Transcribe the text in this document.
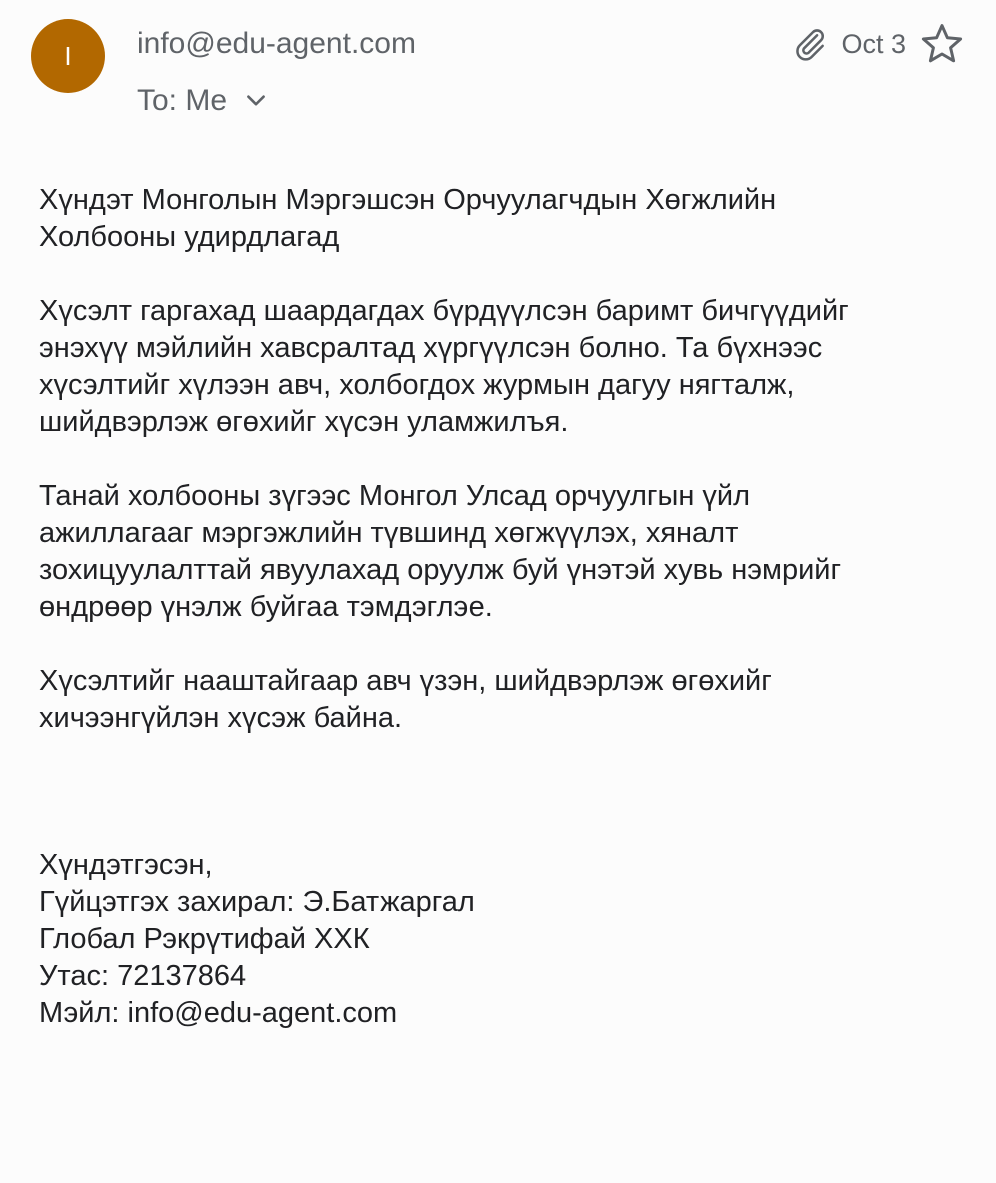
I info@edu-agent.com
To: Me
Oct 3

Хүндэт Монголын Мэргэшсэн Орчуулагчдын Хөгжлийн
Холбооны удирдлагад

Хүсэлт гаргахад шаардагдах бүрдүүлсэн баримт бичгүүдийг
энэхүү мэйлийн хавсралтад хүргүүлсэн болно. Та бүхнээс
хүсэлтийг хүлээн авч, холбогдох журмын дагуу нягталж,
шийдвэрлэж өгөхийг хүсэн уламжилъя.

Танай холбооны зүгээс Монгол Улсад орчуулгын үйл
ажиллагааг мэргэжлийн түвшинд хөгжүүлэх, хяналт
зохицуулалттай явуулахад оруулж буй үнэтэй хувь нэмрийг
өндрөөр үнэлж буйгаа тэмдэглэе.

Хүсэлтийг нааштайгаар авч үзэн, шийдвэрлэж өгөхийг
хичээнгүйлэн хүсэж байна.

Хүндэтгэсэн,
Гүйцэтгэх захирал: Э.Батжаргал
Глобал Рэкрүтифай ХХК
Утас: 72137864
Мэйл: info@edu-agent.com
